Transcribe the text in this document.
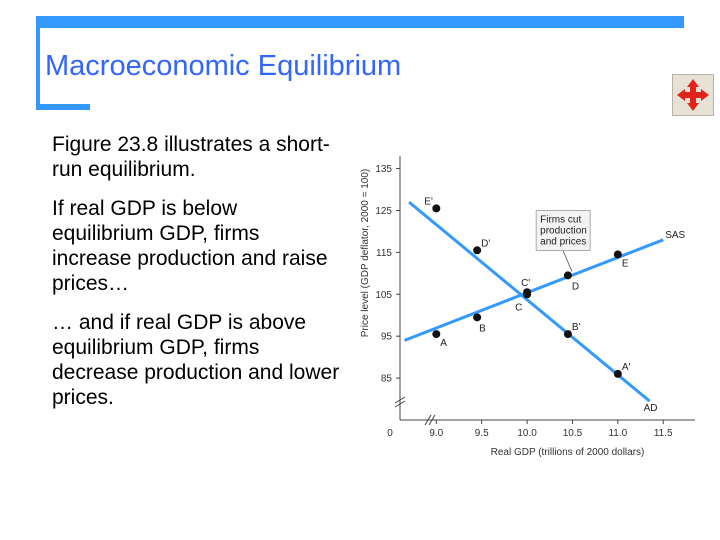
Macroeconomic Equilibrium

Figure 23.8 illustrates a short-run equilibrium.

If real GDP is below equilibrium GDP, firms increase production and raise prices…

… and if real GDP is above equilibrium GDP, firms decrease production and lower prices.

85
95
105
115
125
135
9.0	9.5	10.0	10.5	11.0	11.5
0
Real GDP (trillions of 2000 dollars)
Price level (GDP deflator, 2000 = 100)	SAS
AD
Firms cut
production
and prices
E'
D'
C'
B'
A'
A
B
C
D
E
